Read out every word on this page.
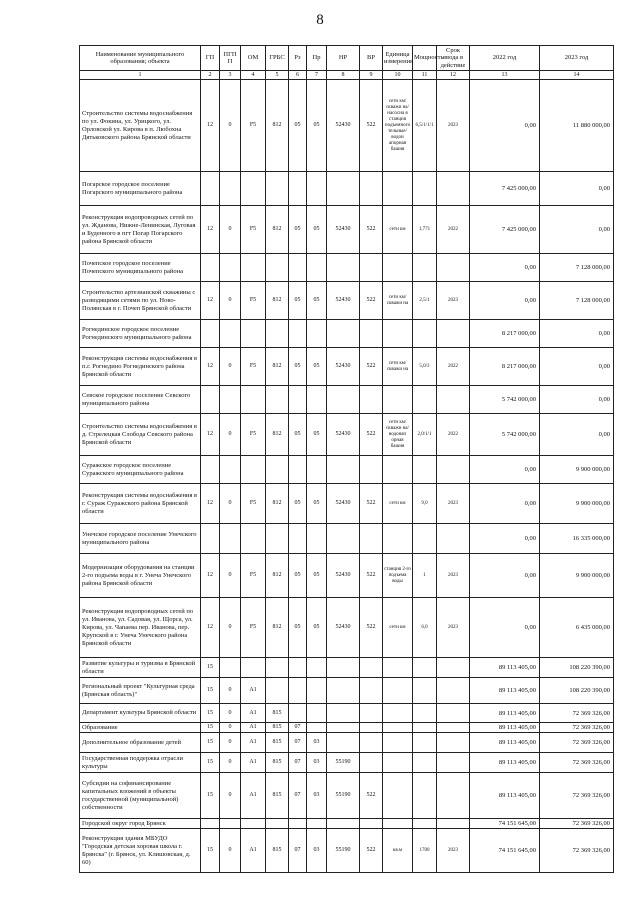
8
Наименование муниципального образования; объекта	ГП	ПГП П	ОМ	ГРБС	Рз	Пр	НР	ВР	Единица измерения	Мощность	Срок ввода в действие	2022 год	2023 год
1	2	3	4	5	6	7	8	9	10	11	12	13	14
Строительство системы водоснабжения по ул. Фокина, ул. Урицкого, ул. Орловской ул. Кирова в п. Любохна Дятьковского района Брянской области	12	0	F5	812	05	05	52430	522	сети км/скважи на/насосна я станция подъемного тельные/водон апорная башня	6,5/1/1/1	2023	0,00	11 880 000,00
Погарское городское поселение Погарского муниципального района												7 425 000,00	0,00
Реконструкция водопроводных сетей по ул. Жданова, Нижне-Ленинская, Луговая и Буденного в пгт Погар Погарского района Брянской области	12	0	F5	812	05	05	52430	522	сети км	1,771	2022	7 425 000,00	0,00
Почепское городское поселение Почепского муниципального района												0,00	7 128 000,00
Строительство артезианской скважины с разводящими сетями по ул. Ново-Полянская в г. Почеп Брянской области	12	0	F5	812	05	05	52430	522	сети км/скважи на	2,5/1	2023	0,00	7 128 000,00
Рогнединское городское поселение Рогнединского муниципального района												8 217 000,00	0,00
Реконструкция системы водоснабжения в п.г. Рогнедино Рогнединского района Брянской области	12	0	F5	812	05	05	52430	522	сети км/скважи на	5,0/3	2022	8 217 000,00	0,00
Севское городское поселение Севского муниципального района												5 742 000,00	0,00
Строительство системы водоснабжения в д. Стрелецкая Слобода Севского района Брянской области	12	0	F5	812	05	05	52430	522	сети км/скважи на/водонап орная башня	2,0/1/1	2022	5 742 000,00	0,00
Суражское городское поселение Суражского муниципального района												0,00	9 900 000,00
Реконструкция системы водоснабжения в г. Сураж Суражского района Брянской области	12	0	F5	812	05	05	52430	522	сети км	9,0	2023	0,00	9 900 000,00
Унечское городское поселение Унечского муниципального района												0,00	16 335 000,00
Модернизация оборудования на станции 2-го подъема воды в г. Унеча Унечского района Брянской области	12	0	F5	812	05	05	52430	522	станция 2-го подъема воды	1	2023	0,00	9 900 000,00
Реконструкция водопроводных сетей по ул. Иванова, ул. Садовая, ул. Щорса, ул. Кирова, ул. Чапаева пер. Иванова, пер. Крупской в г. Унеча Унечского района Брянской области	12	0	F5	812	05	05	52430	522	сети км	6,0	2023	0,00	6 435 000,00
Развитие культуры и туризма в Брянской области	15											89 113 405,00	108 220 390,00
Региональный проект "Культурная среда (Брянская область)"	15	0	A1									89 113 405,00	108 220 390,00
Департамент культуры Брянской области	15	0	A1	815								89 113 405,00	72 369 326,00
Образование	15	0	A1	815	07							89 113 405,00	72 369 326,00
Дополнительное образование детей	15	0	A1	815	07	03						89 113 405,00	72 369 326,00
Государственная поддержка отрасли культуры	15	0	A1	815	07	03	55190					89 113 405,00	72 369 326,00
Субсидии на софинансирование капитальных вложений в объекты государственной (муниципальной) собственности	15	0	A1	815	07	03	55190	522				89 113 405,00	72 369 326,00
Городской округ город Брянск												74 151 645,00	72 369 326,00
Реконструкция здания МБУДО "Городская детская хоровая школа г. Брянска" (г. Брянск, ул. Клишовская, д. 60)	15	0	A1	815	07	03	55190	522	кв.м	1700	2023	74 151 645,00	72 369 326,00
